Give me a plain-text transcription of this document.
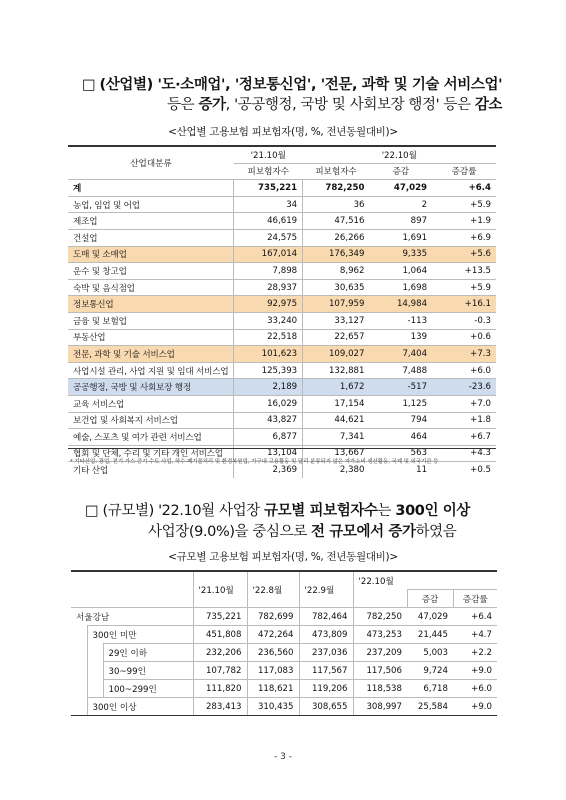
□ (산업별) '도·소매업', '정보통신업', '전문, 과학 및 기술 서비스업'
등은 증가, '공공행정, 국방 및 사회보장 행정' 등은 감소
<산업별 고용보험 피보험자(명, %, 전년동월대비)>
산업대분류	'21.10월	'22.10월		
	피보험자수	피보험자수	증감	증감률
계	735,221	782,250	47,029	+6.4
농업, 임업 및 어업	34	36	2	+5.9
제조업	46,619	47,516	897	+1.9
건설업	24,575	26,266	1,691	+6.9
도매 및 소매업	167,014	176,349	9,335	+5.6
운수 및 창고업	7,898	8,962	1,064	+13.5
숙박 및 음식점업	28,937	30,635	1,698	+5.9
정보통신업	92,975	107,959	14,984	+16.1
금융 및 보험업	33,240	33,127	-113	-0.3
부동산업	22,518	22,657	139	+0.6
전문, 과학 및 기술 서비스업	101,623	109,027	7,404	+7.3
사업시설 관리, 사업 지원 및 임대 서비스업	125,393	132,881	7,488	+6.0
공공행정, 국방 및 사회보장 행정	2,189	1,672	-517	-23.6
교육 서비스업	16,029	17,154	1,125	+7.0
보건업 및 사회복지 서비스업	43,827	44,621	794	+1.8
예술, 스포츠 및 여가 관련 서비스업	6,877	7,341	464	+6.7
협회 및 단체, 수리 및 기타 개인 서비스업	13,104	13,667	563	+4.3
기타 산업	2,369	2,380	11	+0.5
* 기타산업: 광업, 전기·가스·증기·수도 사업, 하수·폐기물처리 및 환경복원업, 가구내 고용활동 및 달리 분류되지 않은 자가소비 생산활동, 국제 및 외국기관 등
□ (규모별) '22.10월 사업장 규모별 피보험자수는 300인 이상
사업장(9.0%)을 중심으로 전 규모에서 증가하였음
<규모별 고용보험 피보험자(명, %, 전년동월대비)>
			'21.10월	'22.8월	'22.9월	'22.10월		
							증감	증감률
서울강남			735,221	782,699	782,464	782,250	47,029	+6.4
	300인 미만		451,808	472,264	473,809	473,253	21,445	+4.7
		29인 이하	232,206	236,560	237,036	237,209	5,003	+2.2
		30~99인	107,782	117,083	117,567	117,506	9,724	+9.0
		100~299인	111,820	118,621	119,206	118,538	6,718	+6.0
	300인 이상		283,413	310,435	308,655	308,997	25,584	+9.0
- 3 -
